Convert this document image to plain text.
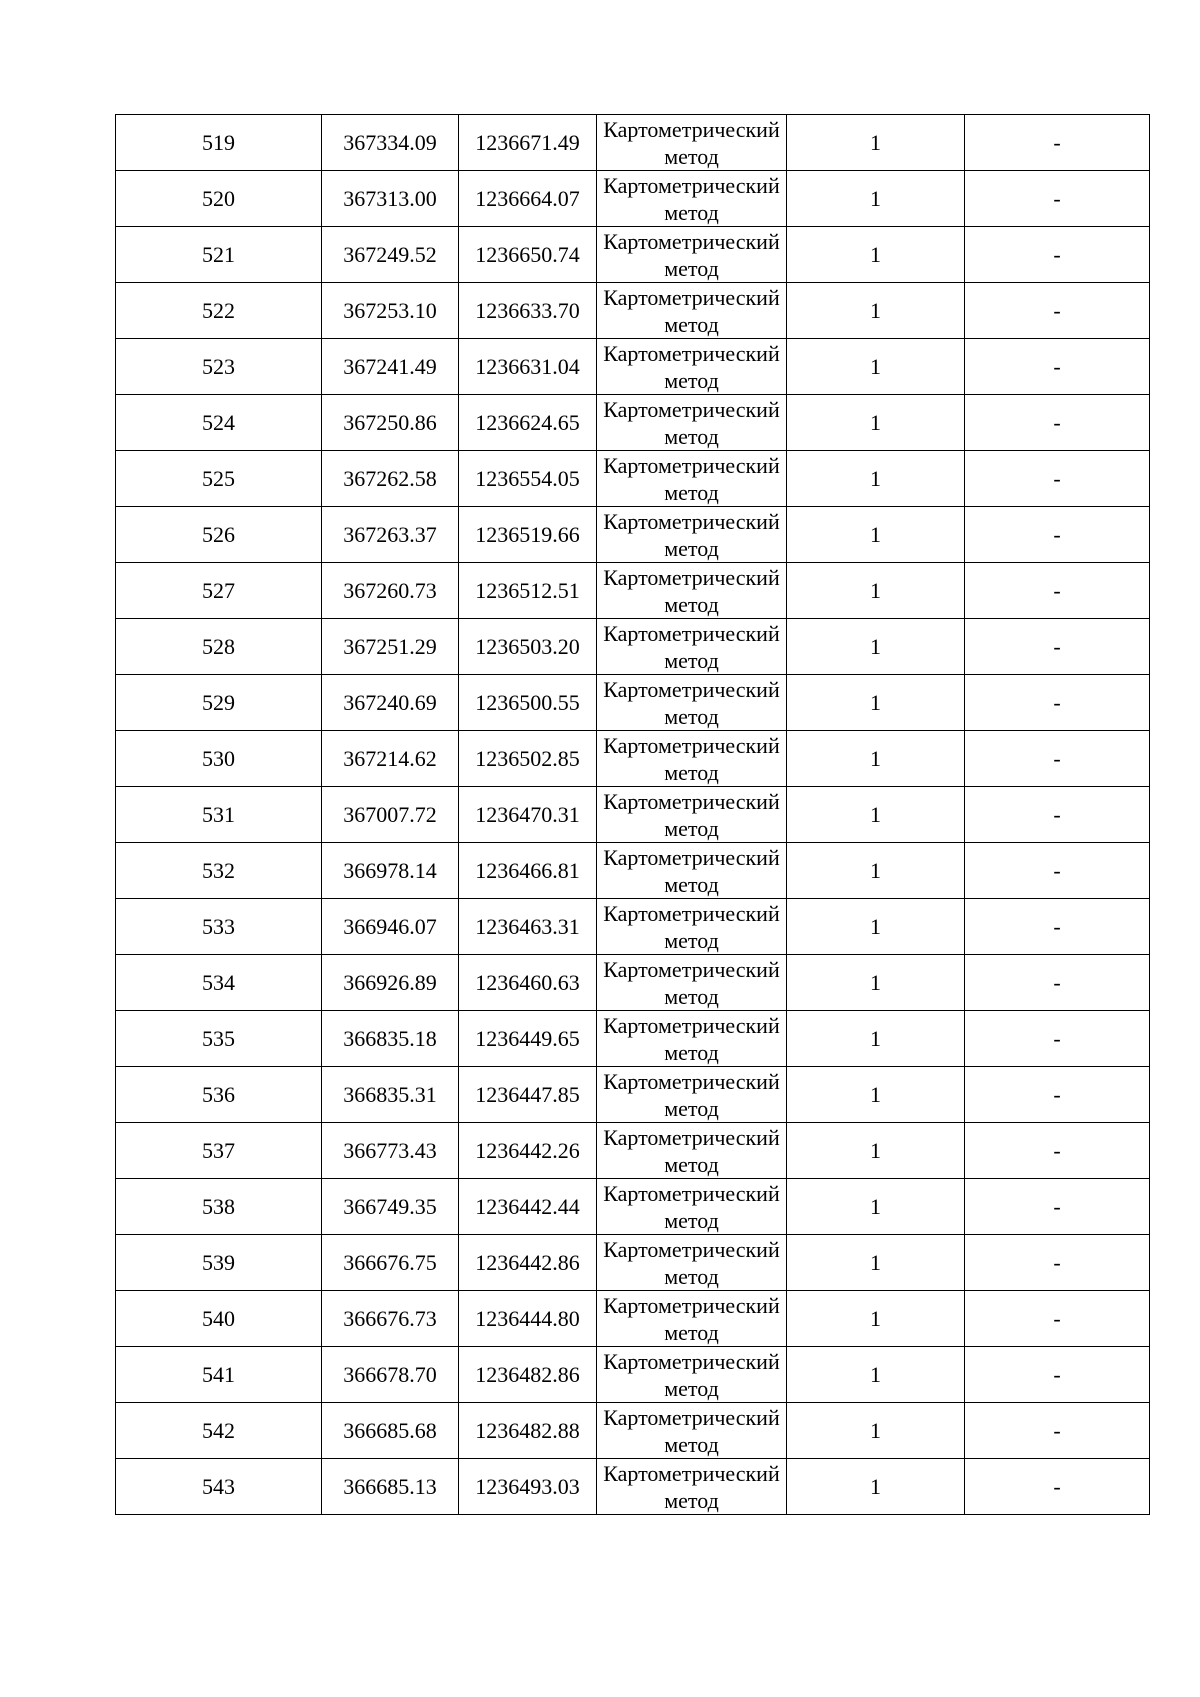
519	367334.09	1236671.49	Картометрический метод	1	-
520	367313.00	1236664.07	Картометрический метод	1	-
521	367249.52	1236650.74	Картометрический метод	1	-
522	367253.10	1236633.70	Картометрический метод	1	-
523	367241.49	1236631.04	Картометрический метод	1	-
524	367250.86	1236624.65	Картометрический метод	1	-
525	367262.58	1236554.05	Картометрический метод	1	-
526	367263.37	1236519.66	Картометрический метод	1	-
527	367260.73	1236512.51	Картометрический метод	1	-
528	367251.29	1236503.20	Картометрический метод	1	-
529	367240.69	1236500.55	Картометрический метод	1	-
530	367214.62	1236502.85	Картометрический метод	1	-
531	367007.72	1236470.31	Картометрический метод	1	-
532	366978.14	1236466.81	Картометрический метод	1	-
533	366946.07	1236463.31	Картометрический метод	1	-
534	366926.89	1236460.63	Картометрический метод	1	-
535	366835.18	1236449.65	Картометрический метод	1	-
536	366835.31	1236447.85	Картометрический метод	1	-
537	366773.43	1236442.26	Картометрический метод	1	-
538	366749.35	1236442.44	Картометрический метод	1	-
539	366676.75	1236442.86	Картометрический метод	1	-
540	366676.73	1236444.80	Картометрический метод	1	-
541	366678.70	1236482.86	Картометрический метод	1	-
542	366685.68	1236482.88	Картометрический метод	1	-
543	366685.13	1236493.03	Картометрический метод	1	-
